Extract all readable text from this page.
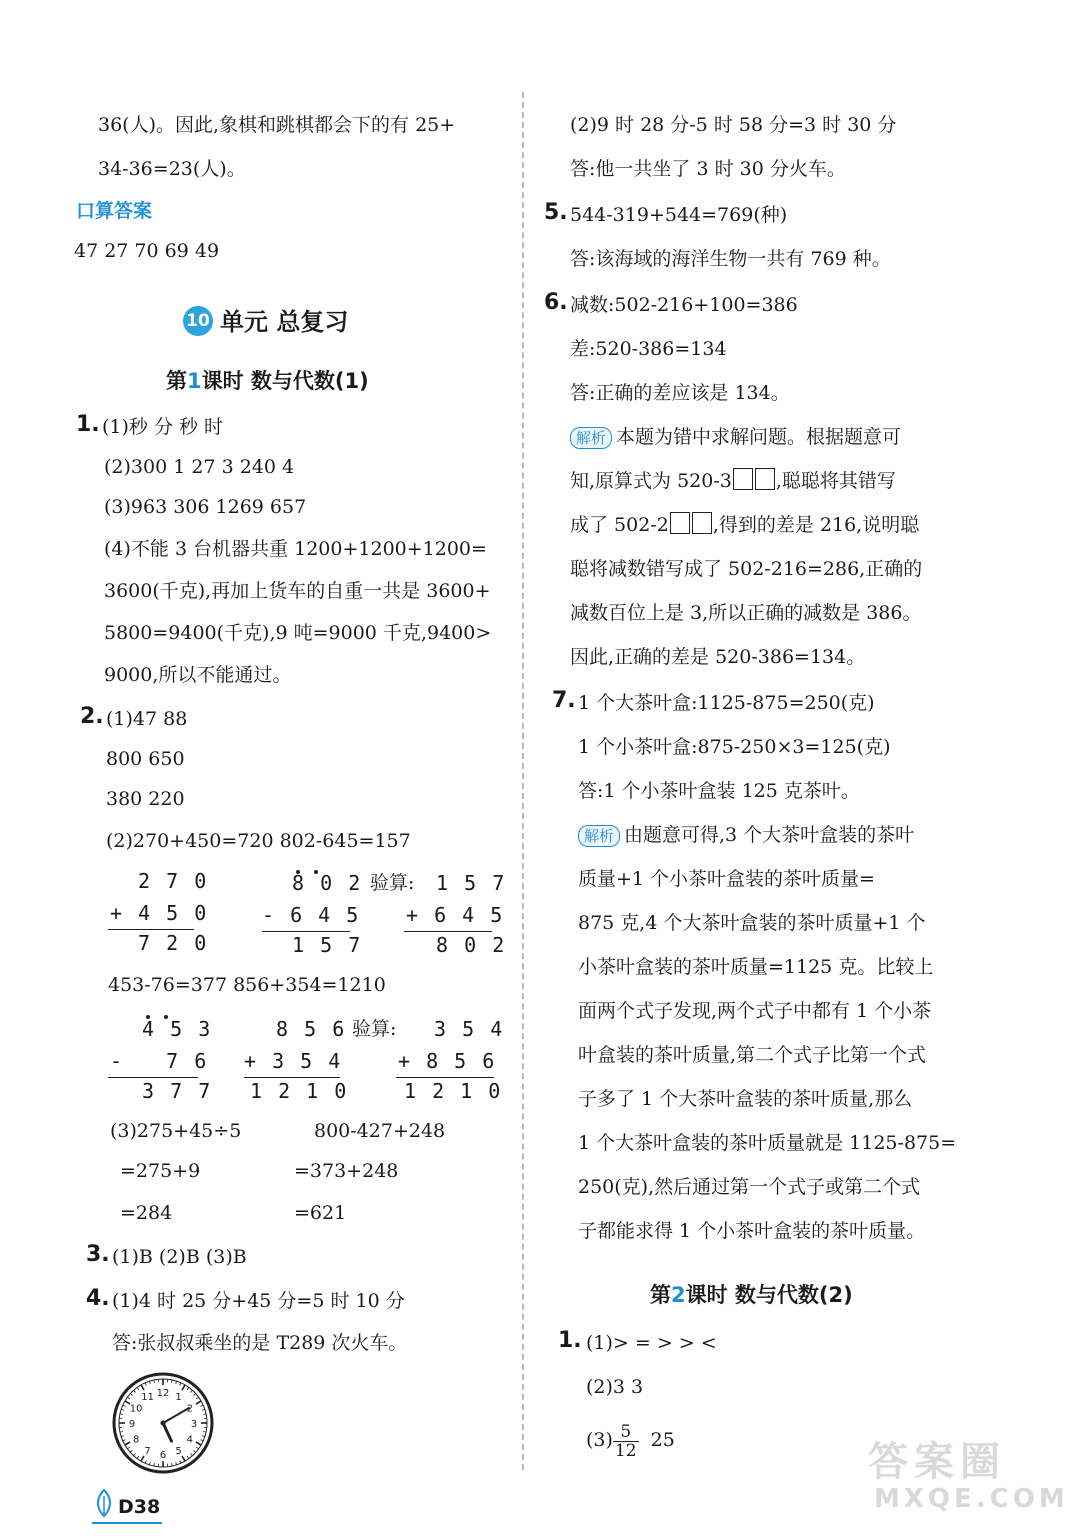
36(人)。因此,象棋和跳棋都会下的有 25+
34-36=23(人)。
口算答案
47 27 70 69 49
10 单元 总复习
第1课时 数与代数(1)
1. (1)秒 分 秒 时
(2)300 1 27 3 240 4
(3)963 306 1269 657
(4)不能 3 台机器共重 1200+1200+1200=
3600(千克),再加上货车的自重一共是 3600+
5800=9400(千克),9 吨=9000 千克,9400>
9000,所以不能通过。
2. (1)47 88
800 650
380 220
(2)270+450=720 802-645=157
2 7 0
+ 4 5 0
7 2 0
8 0 2
- 6 4 5
1 5 7
验算: 1 5 7
+ 6 4 5
8 0 2
453-76=377 856+354=1210
4 5 3
-   7 6
3 7 7
8 5 6
+ 3 5 4
1 2 1 0
验算: 3 5 4
+ 8 5 6
1 2 1 0
(3)275+45÷5
=275+9
=284
800-427+248
=373+248
=621
3. (1)B (2)B (3)B
4. (1)4 时 25 分+45 分=5 时 10 分
答:张叔叔乘坐的是 T289 次火车。
12 1
2
3
4
5
6
7
8
9
10
11
(2)9 时 28 分-5 时 58 分=3 时 30 分
答:他一共坐了 3 时 30 分火车。
5. 544-319+544=769(种)
答:该海域的海洋生物一共有 769 种。
6. 减数:502-216+100=386
差:520-386=134
答:正确的差应该是 134。
解析 本题为错中求解问题。根据题意可
知,原算式为 520-3 ,聪聪将其错写
成了 502-2 ,得到的差是 216,说明聪
聪将减数错写成了 502-216=286,正确的
减数百位上是 3,所以正确的减数是 386。
因此,正确的差是 520-386=134。
7. 1 个大茶叶盒:1125-875=250(克)
1 个小茶叶盒:875-250×3=125(克)
答:1 个小茶叶盒装 125 克茶叶。
解析 由题意可得,3 个大茶叶盒装的茶叶
质量+1 个小茶叶盒装的茶叶质量=
875 克,4 个大茶叶盒装的茶叶质量+1 个
小茶叶盒装的茶叶质量=1125 克。比较上
面两个式子发现,两个式子中都有 1 个小茶
叶盒装的茶叶质量,第二个式子比第一个式
子多了 1 个大茶叶盒装的茶叶质量,那么
1 个大茶叶盒装的茶叶质量就是 1125-875=
250(克),然后通过第一个式子或第二个式
子都能求得 1 个小茶叶盒装的茶叶质量。
第2课时 数与代数(2)
1. (1)> = > > <
(2)3 3
$(3) \frac{5}{12} 25$
D38
答案圈
MXQE.COM
